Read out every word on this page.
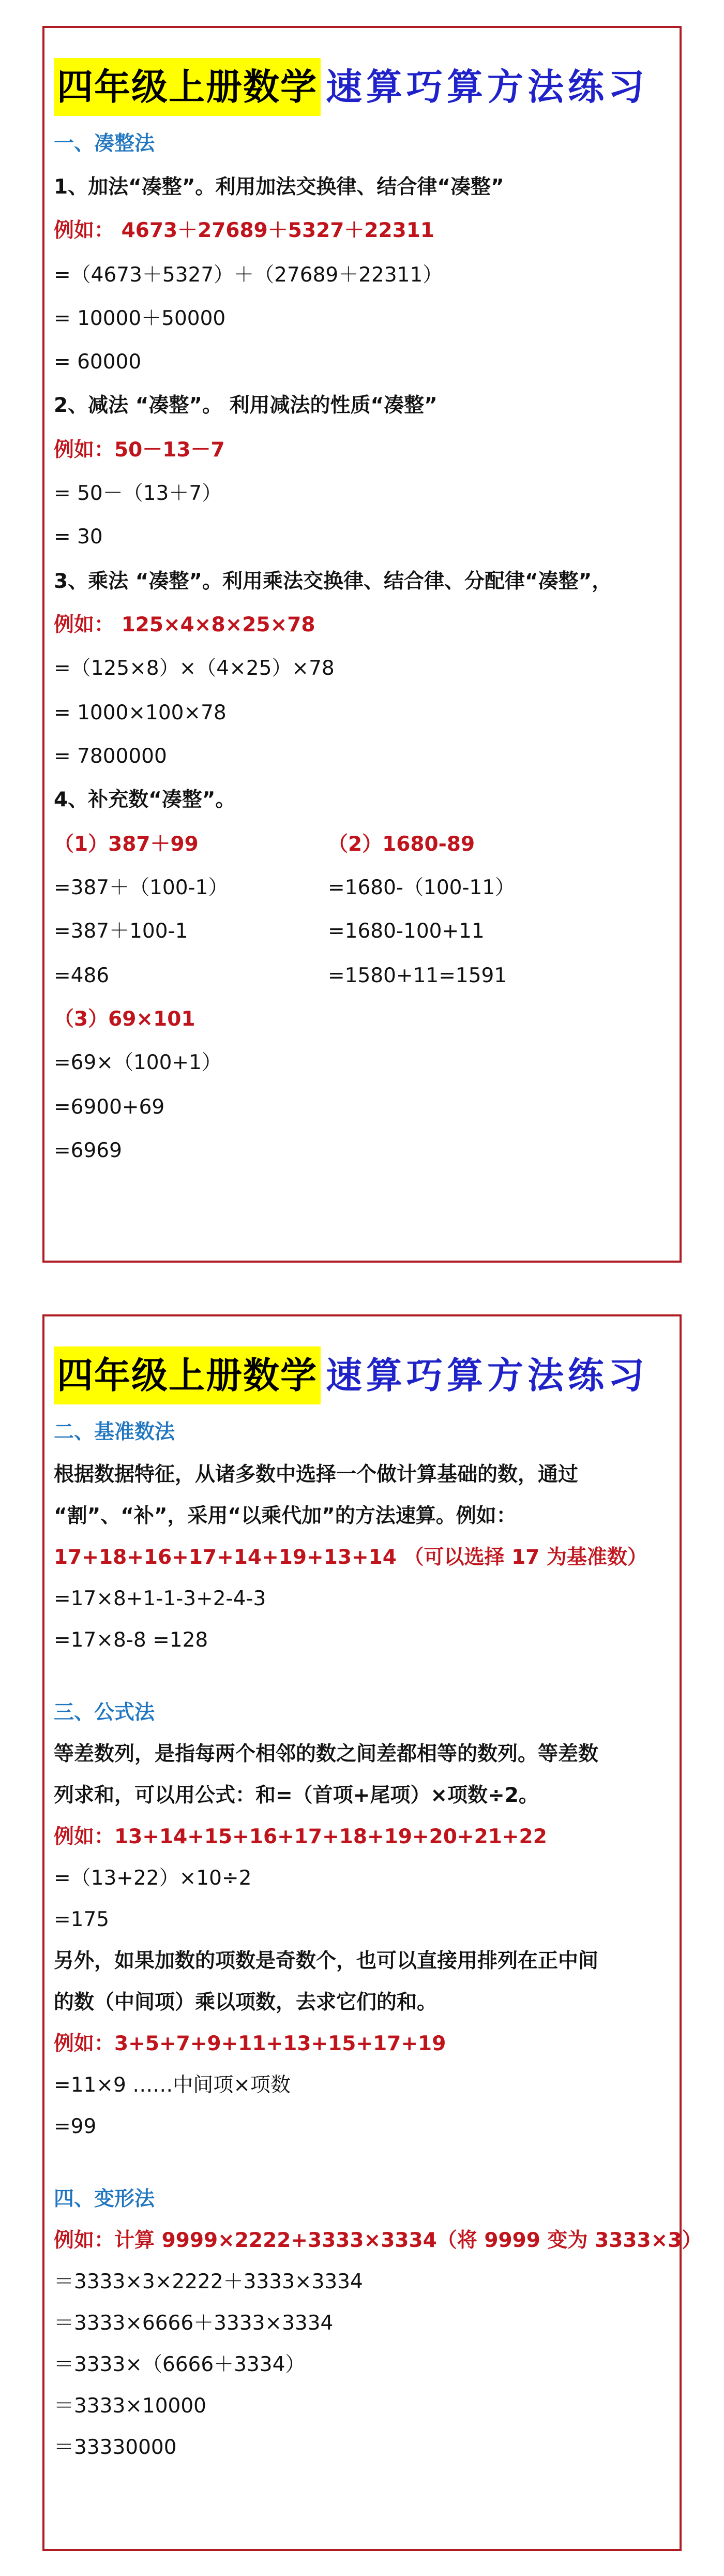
四年级上册数学 速算巧算方法练习
一、凑整法
1、加法“凑整”。利用加法交换律、结合律“凑整”
例如： 4673＋27689＋5327＋22311
=（4673＋5327）＋（27689＋22311）
= 10000＋50000
= 60000
2、减法 “凑整”。 利用减法的性质“凑整”
例如：50－13－7
= 50－（13＋7）
= 30
3、乘法 “凑整”。利用乘法交换律、结合律、分配律“凑整”，
例如： 125×4×8×25×78
=（125×8）×（4×25）×78
= 1000×100×78
= 7800000
4、补充数“凑整”。
（1）387＋99	（2）1680-89
=387＋（100-1）	=1680-（100-11）
=387＋100-1	=1680-100+11
=486	=1580+11=1591
（3）69×101
=69×（100+1）
=6900+69
=6969
四年级上册数学 速算巧算方法练习
二、基准数法
根据数据特征，从诸多数中选择一个做计算基础的数，通过
“割”、“补”，采用“以乘代加”的方法速算。例如：
17+18+16+17+14+19+13+14 （可以选择 17 为基准数）
=17×8+1-1-3+2-4-3
=17×8-8 =128
三、公式法
等差数列，是指每两个相邻的数之间差都相等的数列。等差数
列求和，可以用公式：和=（首项+尾项）×项数÷2。
例如：13+14+15+16+17+18+19+20+21+22
=（13+22）×10÷2
=175
另外，如果加数的项数是奇数个，也可以直接用排列在正中间
的数（中间项）乘以项数，去求它们的和。
例如：3+5+7+9+11+13+15+17+19
=11×9 ……中间项×项数
=99
四、变形法
例如：计算 9999×2222+3333×3334（将 9999 变为 3333×3）
＝3333×3×2222＋3333×3334
＝3333×6666＋3333×3334
＝3333×（6666＋3334）
＝3333×10000
＝33330000
